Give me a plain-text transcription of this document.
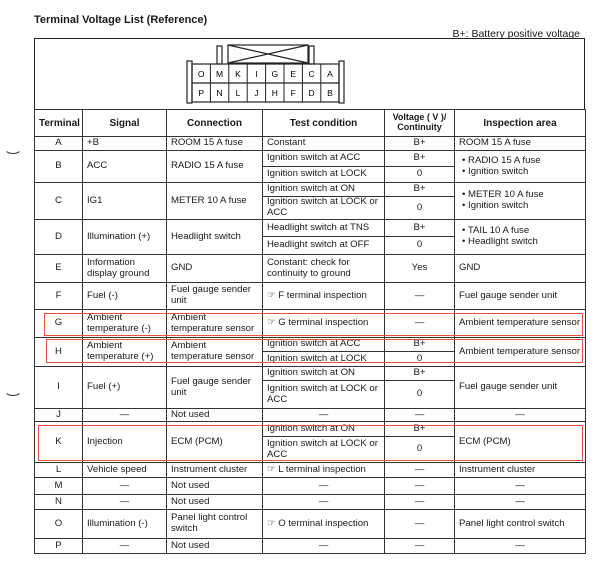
Terminal Voltage List (Reference)
B+: Battery positive voltage
O M K I G E C A
P N L J H F D B
Terminal	Signal	Connection	Test condition	Voltage ( V )/ Continuity	Inspection area
A	+B	ROOM 15 A fuse	Constant	B+	ROOM 15 A fuse

B	ACC	RADIO 15 A fuse	Ignition switch at ACC	B+	• RADIO 15 A fuse
• Ignition switch

			Ignition switch at LOCK	0	
C	IG1	METER 10 A fuse	Ignition switch at ON	B+	• METER 10 A fuse
• Ignition switch

			Ignition switch at LOCK or ACC	0	
D	Illumination (+)	Headlight switch	Headlight switch at TNS	B+	• TAIL 10 A fuse
• Headlight switch

			Headlight switch at OFF	0	
E	Information display ground	GND	Constant: check for continuity to ground	Yes	GND

F	Fuel (-)	Fuel gauge sender unit	☞ F terminal inspection	—	Fuel gauge sender unit

G	Ambient temperature (-)	Ambient temperature sensor	☞ G terminal inspection	—	Ambient temperature sensor

H	Ambient temperature (+)	Ambient temperature sensor	Ignition switch at ACC	B+	Ambient temperature sensor

			Ignition switch at LOCK	0	
I	Fuel (+)	Fuel gauge sender unit	Ignition switch at ON	B+	Fuel gauge sender unit

			Ignition switch at LOCK or ACC	0	
J	—	Not used	—	—	—

K	Injection	ECM (PCM)	Ignition switch at ON	B+	ECM (PCM)

			Ignition switch at LOCK or ACC	0	
L	Vehicle speed	Instrument cluster	☞ L terminal inspection	—	Instrument cluster

M	—	Not used	—	—	—

N	—	Not used	—	—	—

O	Illumination (-)	Panel light control switch	☞ O terminal inspection	—	Panel light control switch

P	—	Not used	—	—	—
